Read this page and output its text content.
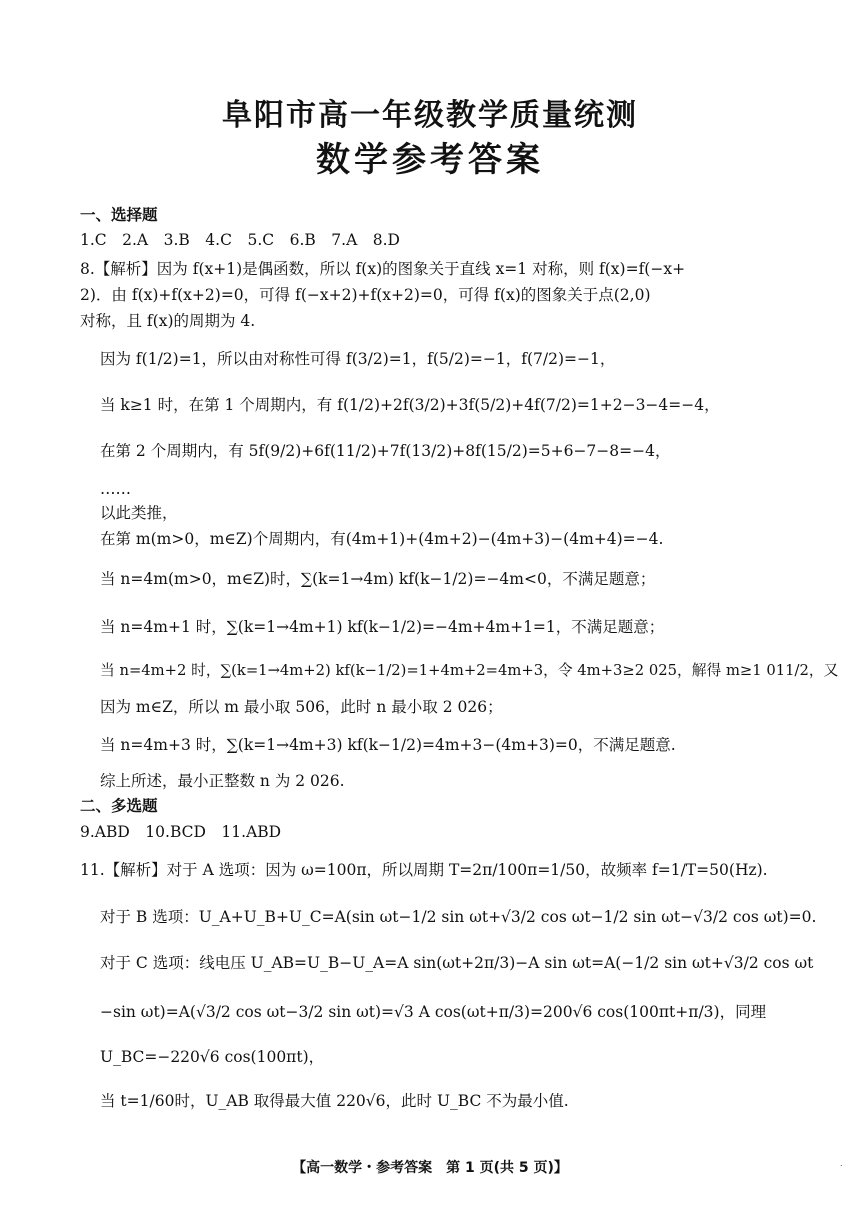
阜阳市高一年级教学质量统测
数学参考答案
一、选择题
1.C　2.A　3.B　4.C　5.C　6.B　7.A　8.D
8.【解析】因为 f(x+1)是偶函数，所以 f(x)的图象关于直线 x=1 对称，则 f(x)=f(−x+
2)．由 f(x)+f(x+2)=0，可得 f(−x+2)+f(x+2)=0，可得 f(x)的图象关于点(2,0)
对称，且 f(x)的周期为 4.
因为 f(1/2)=1，所以由对称性可得 f(3/2)=1，f(5/2)=−1，f(7/2)=−1，
当 k≥1 时，在第 1 个周期内，有 f(1/2)+2f(3/2)+3f(5/2)+4f(7/2)=1+2−3−4=−4，
在第 2 个周期内，有 5f(9/2)+6f(11/2)+7f(13/2)+8f(15/2)=5+6−7−8=−4，
……
以此类推，
在第 m(m>0，m∈Z)个周期内，有(4m+1)+(4m+2)−(4m+3)−(4m+4)=−4.
当 n=4m(m>0，m∈Z)时，∑(k=1→4m) kf(k−1/2)=−4m<0，不满足题意；
当 n=4m+1 时，∑(k=1→4m+1) kf(k−1/2)=−4m+4m+1=1，不满足题意；
当 n=4m+2 时，∑(k=1→4m+2) kf(k−1/2)=1+4m+2=4m+3，令 4m+3≥2 025，解得 m≥1 011/2，又
因为 m∈Z，所以 m 最小取 506，此时 n 最小取 2 026；
当 n=4m+3 时，∑(k=1→4m+3) kf(k−1/2)=4m+3−(4m+3)=0，不满足题意.
综上所述，最小正整数 n 为 2 026.
二、多选题
9.ABD　10.BCD　11.ABD
11.【解析】对于 A 选项：因为 ω=100π，所以周期 T=2π/100π=1/50，故频率 f=1/T=50(Hz).
对于 B 选项：U_A+U_B+U_C=A(sin ωt−1/2 sin ωt+√3/2 cos ωt−1/2 sin ωt−√3/2 cos ωt)=0.
对于 C 选项：线电压 U_AB=U_B−U_A=A sin(ωt+2π/3)−A sin ωt=A(−1/2 sin ωt+√3/2 cos ωt
−sin ωt)=A(√3/2 cos ωt−3/2 sin ωt)=√3 A cos(ωt+π/3)=200√6 cos(100πt+π/3)，同理
U_BC=−220√6 cos(100πt)，
当 t=1/60时，U_AB 取得最大值 220√6，此时 U_BC 不为最小值.
【高一数学・参考答案　第 1 页(共 5 页)】	.
